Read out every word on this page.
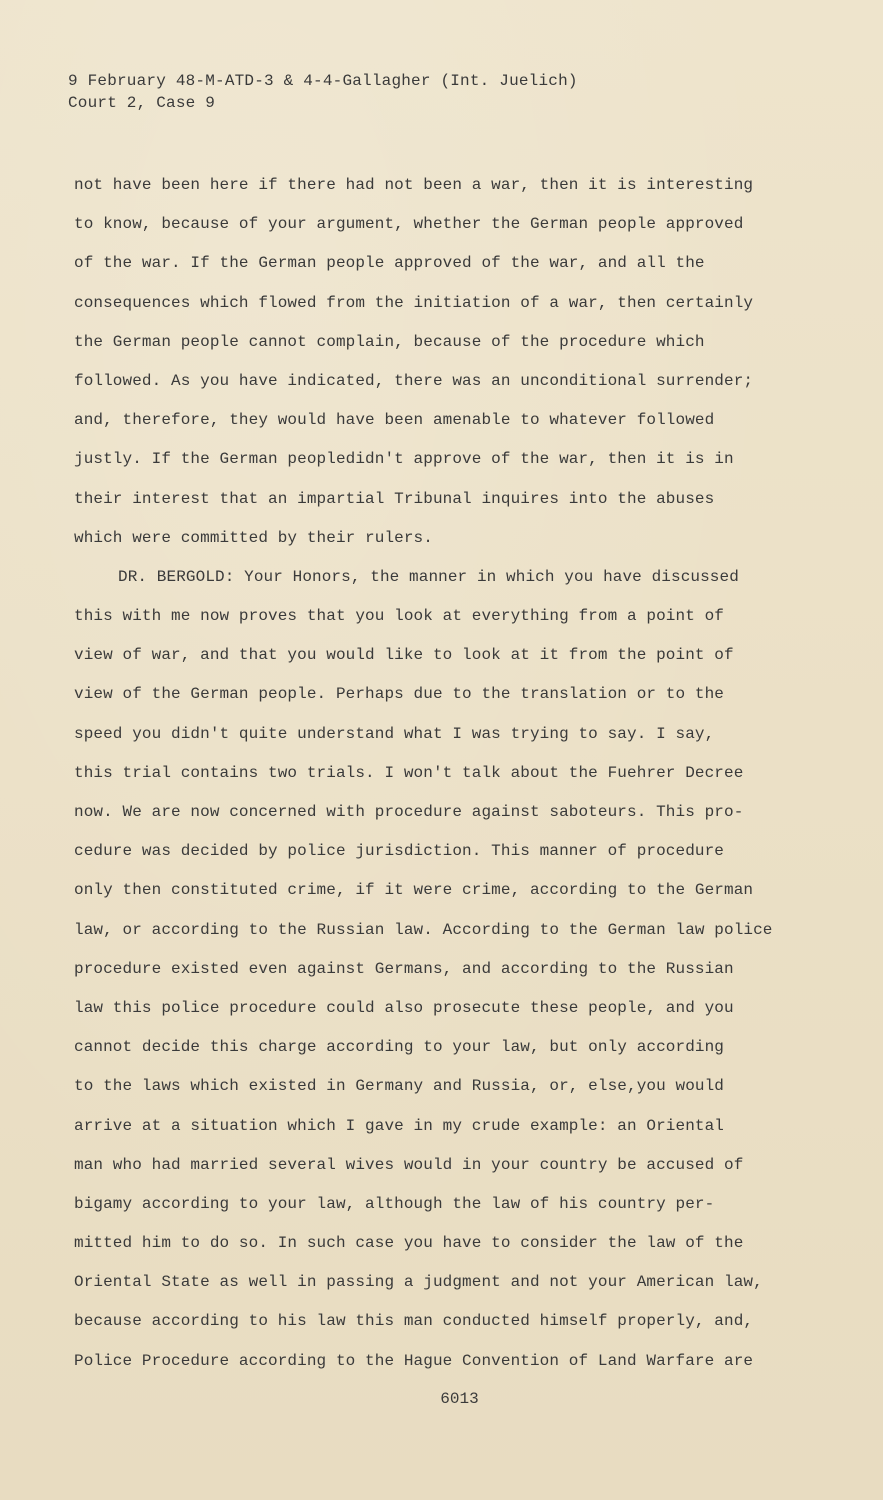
9 February 48-M-ATD-3 & 4-4-Gallagher (Int. Juelich)
Court 2, Case 9
not have been here if there had not been a war, then it is interesting
to know, because of your argument, whether the German people approved
of the war. If the German people approved of the war, and all the
consequences which flowed from the initiation of a war, then certainly
the German people cannot complain, because of the procedure which
followed. As you have indicated, there was an unconditional surrender;
and, therefore, they would have been amenable to whatever followed
justly. If the German peopledidn't approve of the war, then it is in
their interest that an impartial Tribunal inquires into the abuses
which were committed by their rulers.
DR. BERGOLD: Your Honors, the manner in which you have discussed
this with me now proves that you look at everything from a point of
view of war, and that you would like to look at it from the point of
view of the German people. Perhaps due to the translation or to the
speed you didn't quite understand what I was trying to say. I say,
this trial contains two trials. I won't talk about the Fuehrer Decree
now. We are now concerned with procedure against saboteurs. This pro-
cedure was decided by police jurisdiction. This manner of procedure
only then constituted crime, if it were crime, according to the German
law, or according to the Russian law. According to the German law police
procedure existed even against Germans, and according to the Russian
law this police procedure could also prosecute these people, and you
cannot decide this charge according to your law, but only according
to the laws which existed in Germany and Russia, or, else,you would
arrive at a situation which I gave in my crude example: an Oriental
man who had married several wives would in your country be accused of
bigamy according to your law, although the law of his country per-
mitted him to do so. In such case you have to consider the law of the
Oriental State as well in passing a judgment and not your American law,
because according to his law this man conducted himself properly, and,
Police Procedure according to the Hague Convention of Land Warfare are
6013
